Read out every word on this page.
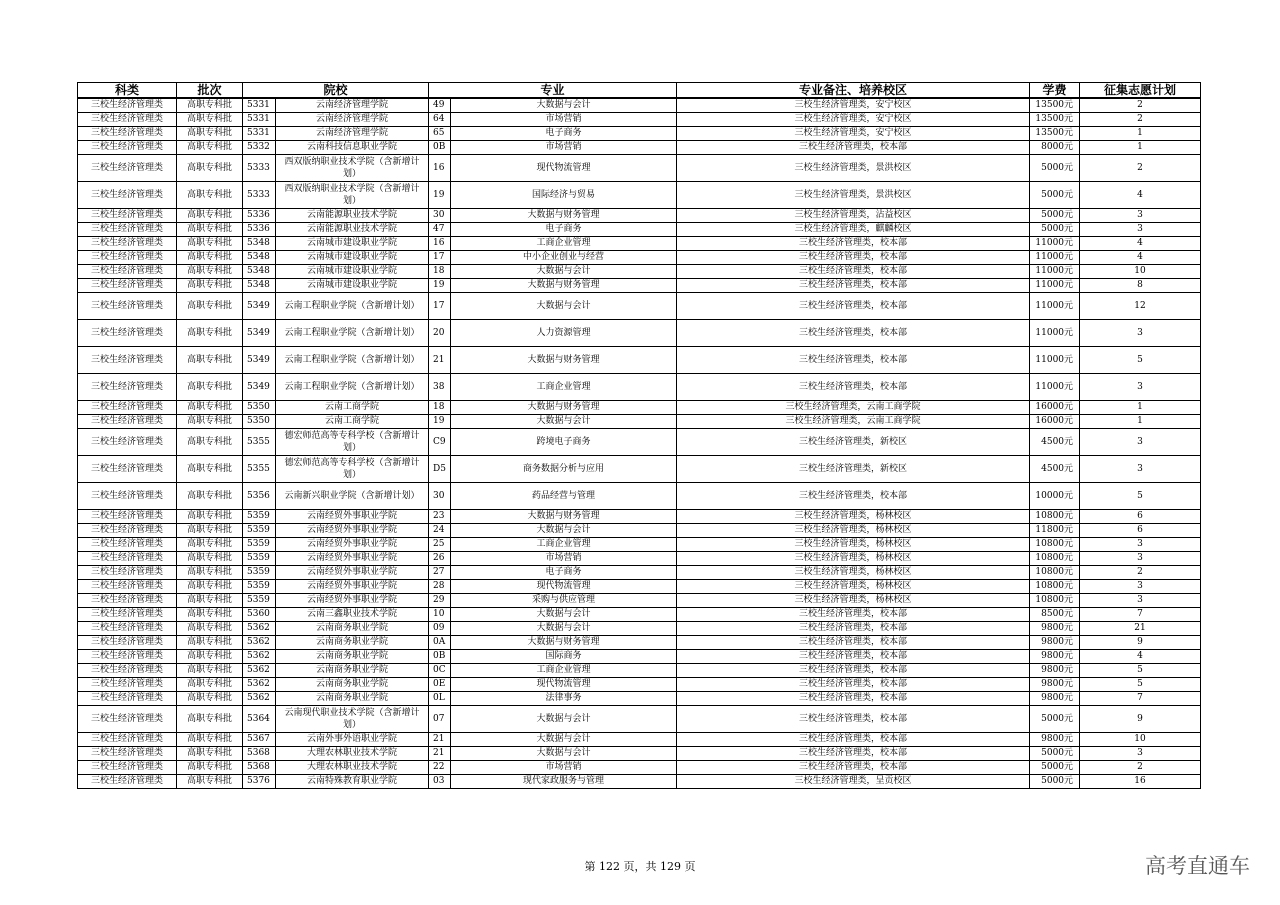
科类	批次	院校		专业		专业备注、培养校区	学费	征集志愿计划
三校生经济管理类	高职专科批	5331	云南经济管理学院	49	大数据与会计	三校生经济管理类，安宁校区	13500元	2
三校生经济管理类	高职专科批	5331	云南经济管理学院	64	市场营销	三校生经济管理类，安宁校区	13500元	2
三校生经济管理类	高职专科批	5331	云南经济管理学院	65	电子商务	三校生经济管理类，安宁校区	13500元	1
三校生经济管理类	高职专科批	5332	云南科技信息职业学院	0B	市场营销	三校生经济管理类，校本部	8000元	1
三校生经济管理类	高职专科批	5333	西双版纳职业技术学院（含新增计划）	16	现代物流管理	三校生经济管理类，景洪校区	5000元	2
三校生经济管理类	高职专科批	5333	西双版纳职业技术学院（含新增计划）	19	国际经济与贸易	三校生经济管理类，景洪校区	5000元	4
三校生经济管理类	高职专科批	5336	云南能源职业技术学院	30	大数据与财务管理	三校生经济管理类，沾益校区	5000元	3
三校生经济管理类	高职专科批	5336	云南能源职业技术学院	47	电子商务	三校生经济管理类，麒麟校区	5000元	3
三校生经济管理类	高职专科批	5348	云南城市建设职业学院	16	工商企业管理	三校生经济管理类，校本部	11000元	4
三校生经济管理类	高职专科批	5348	云南城市建设职业学院	17	中小企业创业与经营	三校生经济管理类，校本部	11000元	4
三校生经济管理类	高职专科批	5348	云南城市建设职业学院	18	大数据与会计	三校生经济管理类，校本部	11000元	10
三校生经济管理类	高职专科批	5348	云南城市建设职业学院	19	大数据与财务管理	三校生经济管理类，校本部	11000元	8
三校生经济管理类	高职专科批	5349	云南工程职业学院（含新增计划）	17	大数据与会计	三校生经济管理类，校本部	11000元	12
三校生经济管理类	高职专科批	5349	云南工程职业学院（含新增计划）	20	人力资源管理	三校生经济管理类，校本部	11000元	3
三校生经济管理类	高职专科批	5349	云南工程职业学院（含新增计划）	21	大数据与财务管理	三校生经济管理类，校本部	11000元	5
三校生经济管理类	高职专科批	5349	云南工程职业学院（含新增计划）	38	工商企业管理	三校生经济管理类，校本部	11000元	3
三校生经济管理类	高职专科批	5350	云南工商学院	18	大数据与财务管理	三校生经济管理类，云南工商学院	16000元	1
三校生经济管理类	高职专科批	5350	云南工商学院	19	大数据与会计	三校生经济管理类，云南工商学院	16000元	1
三校生经济管理类	高职专科批	5355	德宏师范高等专科学校（含新增计划）	C9	跨境电子商务	三校生经济管理类，新校区	4500元	3
三校生经济管理类	高职专科批	5355	德宏师范高等专科学校（含新增计划）	D5	商务数据分析与应用	三校生经济管理类，新校区	4500元	3
三校生经济管理类	高职专科批	5356	云南新兴职业学院（含新增计划）	30	药品经营与管理	三校生经济管理类，校本部	10000元	5
三校生经济管理类	高职专科批	5359	云南经贸外事职业学院	23	大数据与财务管理	三校生经济管理类，杨林校区	10800元	6
三校生经济管理类	高职专科批	5359	云南经贸外事职业学院	24	大数据与会计	三校生经济管理类，杨林校区	11800元	6
三校生经济管理类	高职专科批	5359	云南经贸外事职业学院	25	工商企业管理	三校生经济管理类，杨林校区	10800元	3
三校生经济管理类	高职专科批	5359	云南经贸外事职业学院	26	市场营销	三校生经济管理类，杨林校区	10800元	3
三校生经济管理类	高职专科批	5359	云南经贸外事职业学院	27	电子商务	三校生经济管理类，杨林校区	10800元	2
三校生经济管理类	高职专科批	5359	云南经贸外事职业学院	28	现代物流管理	三校生经济管理类，杨林校区	10800元	3
三校生经济管理类	高职专科批	5359	云南经贸外事职业学院	29	采购与供应管理	三校生经济管理类，杨林校区	10800元	3
三校生经济管理类	高职专科批	5360	云南三鑫职业技术学院	10	大数据与会计	三校生经济管理类，校本部	8500元	7
三校生经济管理类	高职专科批	5362	云南商务职业学院	09	大数据与会计	三校生经济管理类，校本部	9800元	21
三校生经济管理类	高职专科批	5362	云南商务职业学院	0A	大数据与财务管理	三校生经济管理类，校本部	9800元	9
三校生经济管理类	高职专科批	5362	云南商务职业学院	0B	国际商务	三校生经济管理类，校本部	9800元	4
三校生经济管理类	高职专科批	5362	云南商务职业学院	0C	工商企业管理	三校生经济管理类，校本部	9800元	5
三校生经济管理类	高职专科批	5362	云南商务职业学院	0E	现代物流管理	三校生经济管理类，校本部	9800元	5
三校生经济管理类	高职专科批	5362	云南商务职业学院	0L	法律事务	三校生经济管理类，校本部	9800元	7
三校生经济管理类	高职专科批	5364	云南现代职业技术学院（含新增计划）	07	大数据与会计	三校生经济管理类，校本部	5000元	9
三校生经济管理类	高职专科批	5367	云南外事外语职业学院	21	大数据与会计	三校生经济管理类，校本部	9800元	10
三校生经济管理类	高职专科批	5368	大理农林职业技术学院	21	大数据与会计	三校生经济管理类，校本部	5000元	3
三校生经济管理类	高职专科批	5368	大理农林职业技术学院	22	市场营销	三校生经济管理类，校本部	5000元	2
三校生经济管理类	高职专科批	5376	云南特殊教育职业学院	03	现代家政服务与管理	三校生经济管理类，呈贡校区	5000元	16
第 122 页，共 129 页	高考直通车
